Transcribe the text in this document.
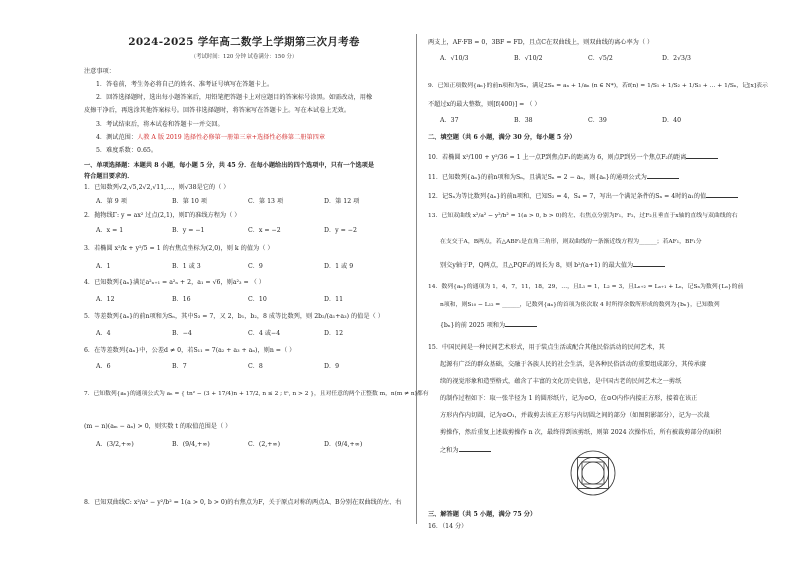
2024-2025 学年高二数学上学期第三次月考卷
（考试时间：120 分钟 试卷满分：150 分）
注意事项：
1．答卷前，考生务必将自己的姓名、准考证号填写在答题卡上。
2．回答选择题时，选出每小题答案后，用铅笔把答题卡上对应题目的答案标号涂黑。如需改动，用橡
皮擦干净后，再选涂其他答案标号。回答非选择题时，将答案写在答题卡上。写在本试卷上无效。
3．考试结束后，将本试卷和答题卡一并交回。
4．测试范围：人教 A 版 2019 选择性必修第一册第三章+选择性必修第二册第四章
5．难度系数：0.65。
一、单项选择题：本题共 8 小题，每小题 5 分，共 45 分．在每小题给出的四个选项中，只有一个选项是
符合题目要求的．
1．已知数列√2,√5,2√2,√11,…，则√38是它的（ ）
A．第 9 项	B．第 10 项	C．第 13 项	D．第 12 项
2．抛物线Γ: y = ax² 过点(2,1)，则Γ的准线方程为（ ）
A．x = 1	B．y = −1	C．x = −2	D．y = −2
3．若椭圆 x²/k + y²/5 = 1 的右焦点坐标为(2,0)，则 k 的值为（ ）
A．1	B．1 或 3	C．9	D．1 或 9
4．已知数列{aₙ}满足a²ₙ₊₁ = a²ₙ + 2，a₁ = √6，则a²₃ = （ ）
A．12	B．16	C．10	D．11
5．等差数列{aₙ}的前n项和为Sₙ，其中S₃ = 7，又 2，b₁，b₂，8 成等比数列，则 2b₂/(a₁+a₃) 的值是（ ）
A．4	B．−4	C．4 或−4	D．12
6．在等差数列{aₙ}中，公差d ≠ 0，若S₁₁ = 7(a₂ + a₃ + aₙ)，则n =（ ）
A．6	B．7	C．8	D．9
7．已知数列{aₙ}的通项公式为 aₙ = { tn² − (3 + 17/4)n + 17/2, n ≤ 2 ; tⁿ, n > 2 }，且对任意的两个正整数 m，n(m ≠ n)都有
(m − n)(aₘ − aₙ) > 0，则实数 t 的取值范围是（ ）
A．(3/2,+∞)	B．(9/4,+∞)	C．(2,+∞)	D．(9/4,+∞)
8．已知双曲线C: x²/a² − y²/b² = 1(a > 0, b > 0)的右焦点为F，关于原点对称的两点A、B分别在双曲线的左、右
两支上，AF·FB = 0，3BF = FD，且点C在双曲线上，则双曲线的离心率为（ ）
A．√10/3	B．√10/2	C．√5/2	D．2√3/3
9．已知正项数列{aₙ}的前n项和为Sₙ，满足2Sₙ = aₙ + 1/aₙ (n ∈ N*)，若f(n) = 1/S₁ + 1/S₂ + 1/S₃ + … + 1/Sₙ，记[x]表示
不超过x的最大整数，则[f(400)] = （ ）
A．37	B．38	C．39	D．40
二、填空题（共 6 小题，满分 30 分，每小题 5 分）
10．若椭圆 x²/100 + y²/36 = 1 上一点P到焦点F₁的距离为 6，则点P到另一个焦点F₂的距离
11．已知数列{aₙ}的前n项和为Sₙ，且满足Sₙ = 2 − aₙ，则{aₙ}的通项公式为
12．记Sₙ为等比数列{aₙ}的前n项和，已知S₂ = 4，S₄ = 7，写出一个满足条件的Sₙ = 4时的a₁的值
13．已知双曲线 x²/a² − y²/b² = 1(a > 0, b > 0)的左、右焦点分别为F₁，F₂，过F₂且垂直于x轴的直线与双曲线的右
在支交于A，B两点，若△ABF₁是直角三角形，则双曲线的一条渐近线方程为______；若AF₁，BF₁分
别交y轴于P，Q两点，且△PQF₁的周长为 8，则 b²/(a+1) 的最大值为
14．数列{aₙ}的通项为 1，4，7，11，18，29，…，且L₁ = 1，L₂ = 3，且Lₙ₊₂ = Lₙ₊₁ + Lₙ，记Sₙ为数列{Lₙ}的前
n项和，则S₁₀ − L₁₂ = ______，记数列{aₙ}的首项为依次取 4 时所得余数所形成的数列为{bₙ}，已知数列
{bₙ}的前 2025 项和为
15．中国民间是一种民间艺术形式，用于装点生活或配合其他民俗活动的民间艺术，其
起源有广泛的群众基础，交融于各族人民的社会生活，是各种民俗活动的重要组成部分，其传承赓
续的视觉形象和造型格式，蕴含了丰富的文化历史信息，是中国古老的民间艺术之一剪纸
的制作过程如下：取一张半径为 1 的圆形纸片，记为⊙O，在⊙O内作内接正方形，接着在该正
方形内作内切圆，记为⊙O₁，并裁剪去该正方形与内切圆之间的部分（如图阴影部分），记为一次裁
剪操作，然后重复上述裁剪操作 n 次，最终得到该剪纸，则第 2024 次操作后，所有被裁剪部分的面积
之和为
三、解答题（共 5 小题，满分 75 分）
16．（14 分）
